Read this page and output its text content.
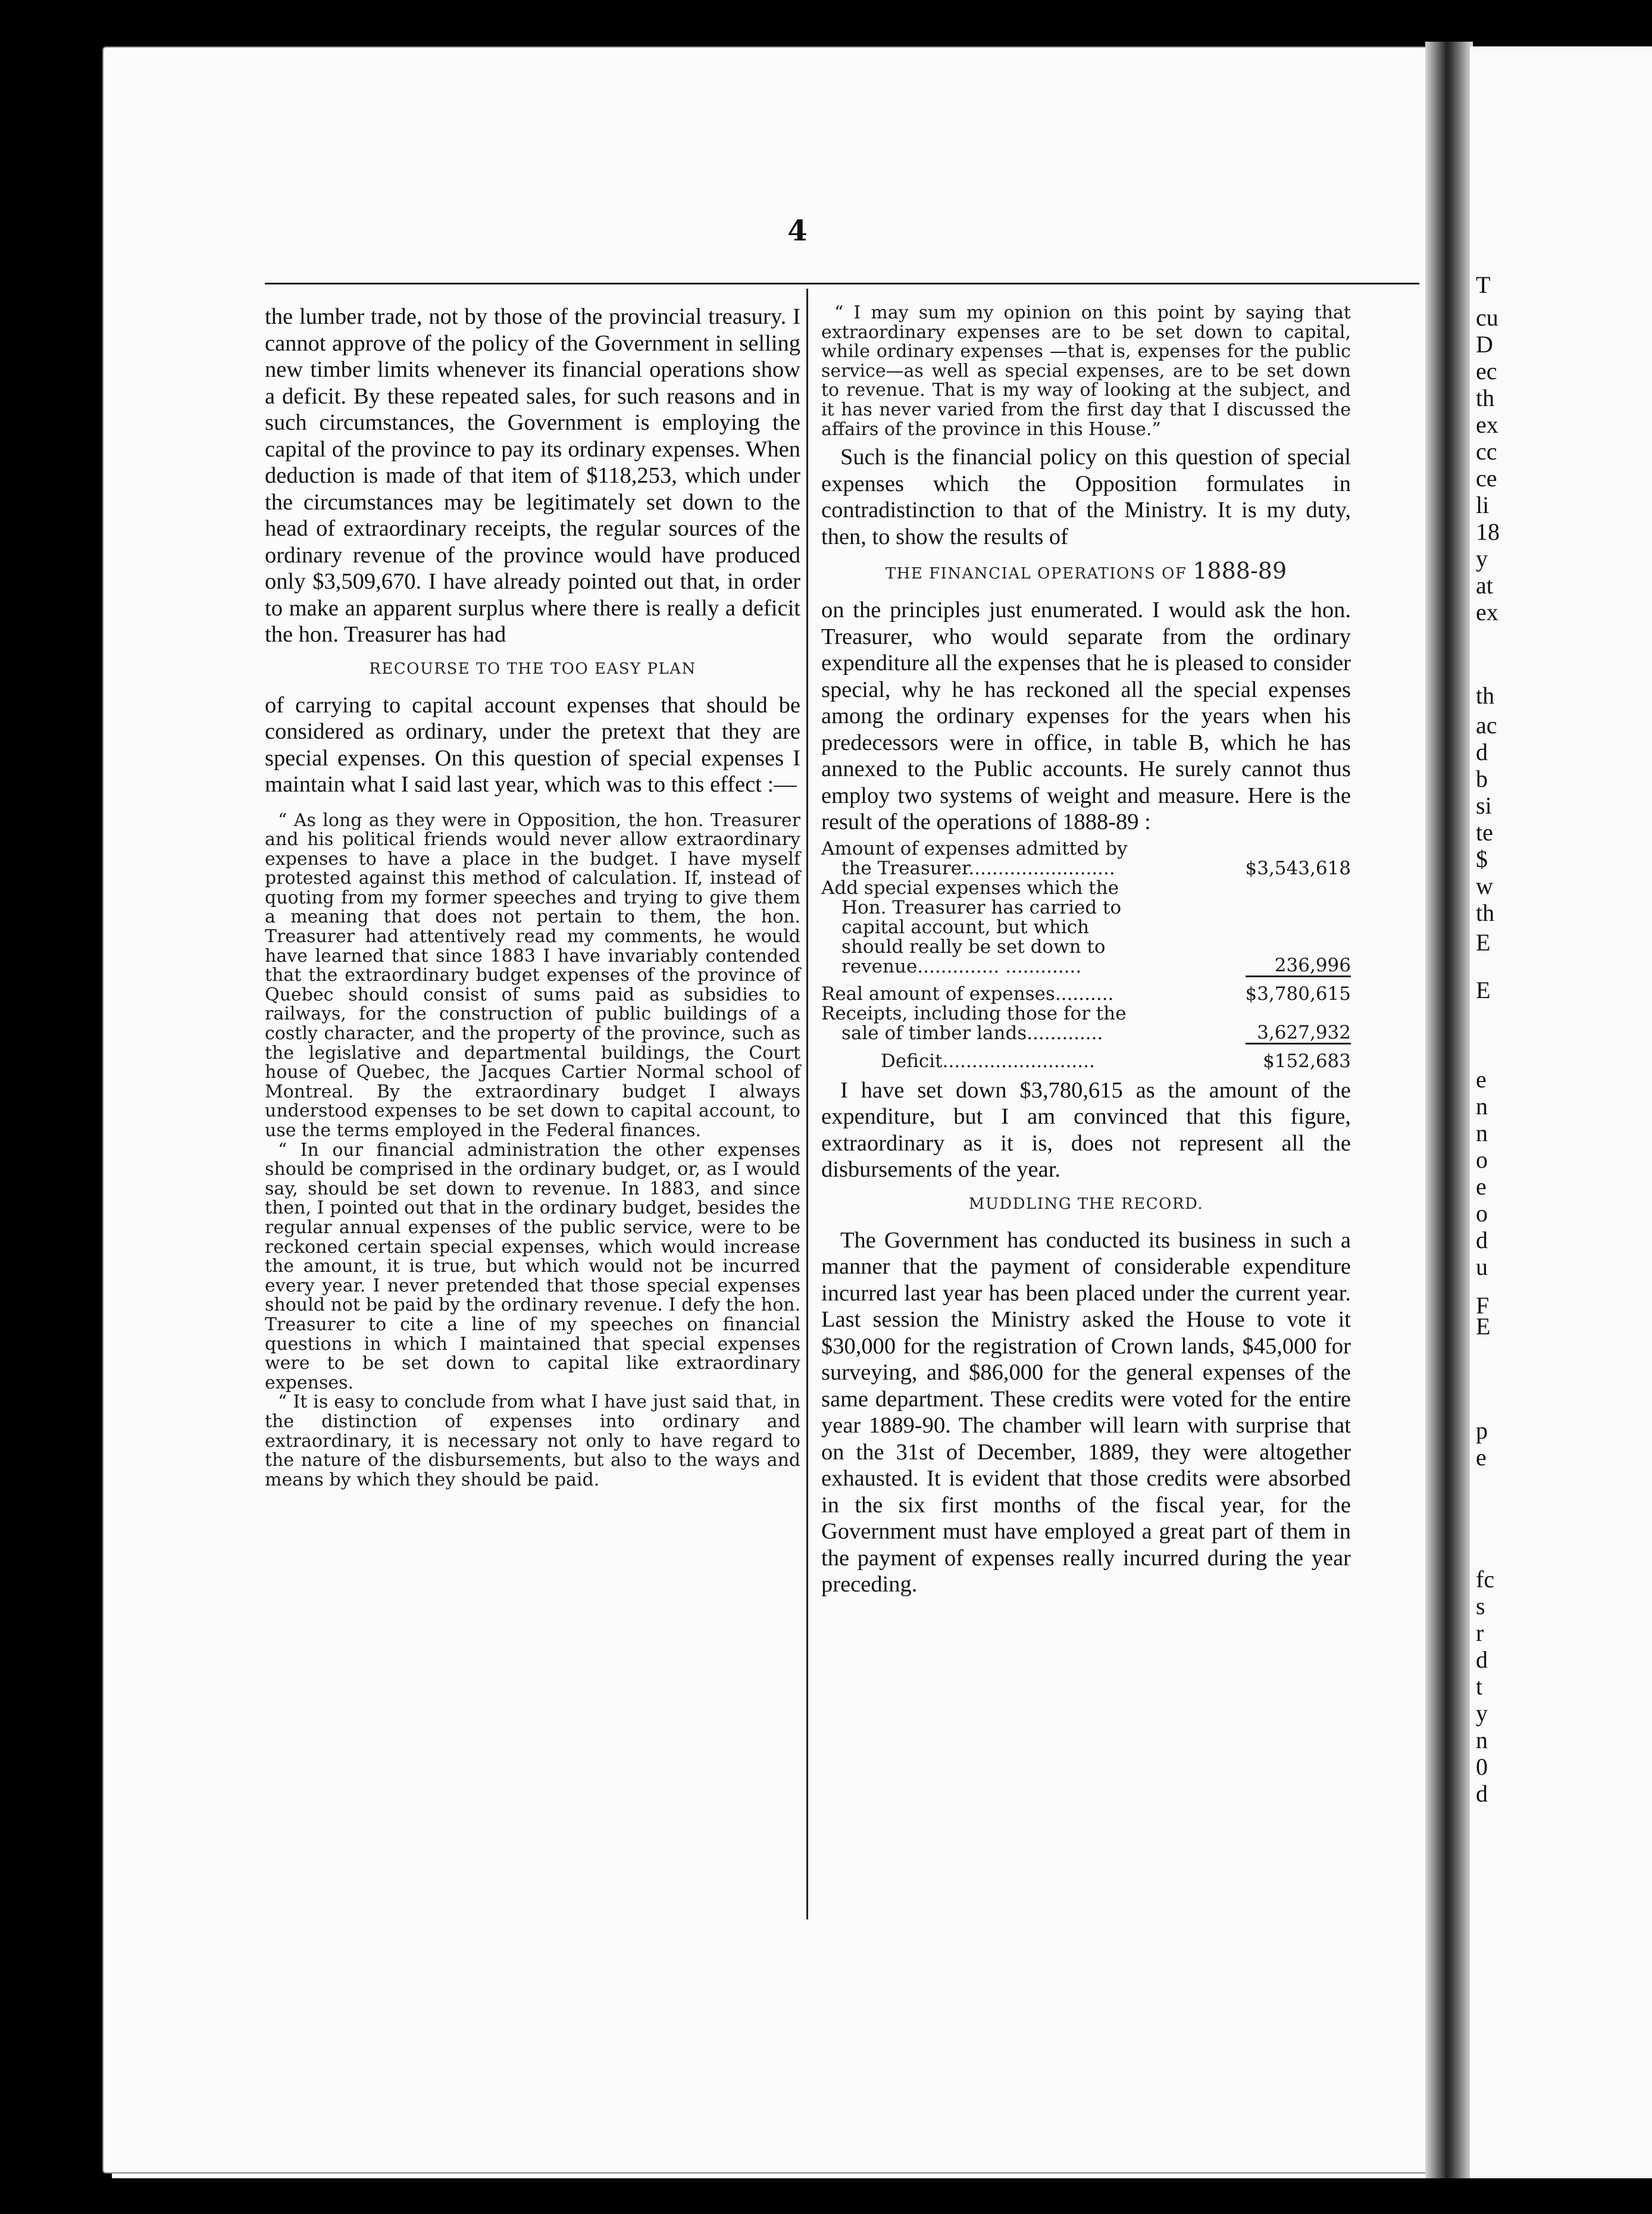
T
cu
D
ec
th
ex
cc
ce
li
18
y
at
ex
th
ac
d
b
si
te
$
w
th
E
E
e
n
n
o
e
o
d
u
F
E
p
e
fc
s
r
d
t
y
n
0
d
4

the lumber trade, not by those of the provincial treasury. I cannot approve of the policy of the Government in selling new timber limits whenever its financial operations show a deficit. By these repeated sales, for such reasons and in such circumstances, the Government is employing the capital of the province to pay its ordinary expenses. When deduction is made of that item of $118,253, which under the circumstances may be legitimately set down to the head of extraordinary receipts, the regular sources of the ordinary revenue of the province would have produced only $3,509,670. I have already pointed out that, in order to make an apparent surplus where there is really a deficit the hon. Treasurer has had

RECOURSE TO THE TOO EASY PLAN

of carrying to capital account expenses that should be considered as ordinary, under the pretext that they are special expenses. On this question of special expenses I maintain what I said last year, which was to this effect :—

“ As long as they were in Opposition, the hon. Treasurer and his political friends would never allow extraordinary expenses to have a place in the budget. I have myself protested against this method of calculation. If, instead of quoting from my former speeches and trying to give them a meaning that does not pertain to them, the hon. Treasurer had attentively read my comments, he would have learned that since 1883 I have invariably contended that the extraordinary budget expenses of the province of Quebec should consist of sums paid as subsidies to railways, for the construction of public buildings of a costly character, and the property of the province, such as the legislative and departmental buildings, the Court house of Quebec, the Jacques Cartier Normal school of Montreal. By the extraordinary budget I always understood expenses to be set down to capital account, to use the terms employed in the Federal finances.

“ In our financial administration the other expenses should be comprised in the ordinary budget, or, as I would say, should be set down to revenue. In 1883, and since then, I pointed out that in the ordinary budget, besides the regular annual expenses of the public service, were to be reckoned certain special expenses, which would increase the amount, it is true, but which would not be incurred every year. I never pretended that those special expenses should not be paid by the ordinary revenue. I defy the hon. Treasurer to cite a line of my speeches on financial questions in which I maintained that special expenses were to be set down to capital like extraordinary expenses.

“ It is easy to conclude from what I have just said that, in the distinction of expenses into ordinary and extraordinary, it is necessary not only to have regard to the nature of the disbursements, but also to the ways and means by which they should be paid.

“ I may sum my opinion on this point by saying that extraordinary expenses are to be set down to capital, while ordinary expenses —that is, expenses for the public service—as well as special expenses, are to be set down to revenue. That is my way of looking at the subject, and it has never varied from the first day that I discussed the affairs of the province in this House.”

Such is the financial policy on this question of special expenses which the Opposition formulates in contradistinction to that of the Ministry. It is my duty, then, to show the results of

THE FINANCIAL OPERATIONS OF 1888-89

on the principles just enumerated. I would ask the hon. Treasurer, who would separate from the ordinary expenditure all the expenses that he is pleased to consider special, why he has reckoned all the special expenses among the ordinary expenses for the years when his predecessors were in office, in table B, which he has annexed to the Public accounts. He surely cannot thus employ two systems of weight and measure. Here is the result of the operations of 1888-89 :

Amount of expenses admitted by
the Treasurer.........................	$3,543,618

Add special expenses which the
Hon. Treasurer has carried to
capital account, but which
should really be set down to
revenue.............. .............	236,996

Real amount of expenses..........	$3,780,615

Receipts, including those for the
sale of timber lands.............	3,627,932

Deficit..........................	$152,683

I have set down $3,780,615 as the amount of the expenditure, but I am convinced that this figure, extraordinary as it is, does not represent all the disbursements of the year.

MUDDLING THE RECORD.

The Government has conducted its business in such a manner that the payment of considerable expenditure incurred last year has been placed under the current year. Last session the Ministry asked the House to vote it $30,000 for the registration of Crown lands, $45,000 for surveying, and $86,000 for the general expenses of the same department. These credits were voted for the entire year 1889-90. The chamber will learn with surprise that on the 31st of December, 1889, they were altogether exhausted. It is evident that those credits were absorbed in the six first months of the fiscal year, for the Government must have employed a great part of them in the payment of expenses really incurred during the year preceding.
